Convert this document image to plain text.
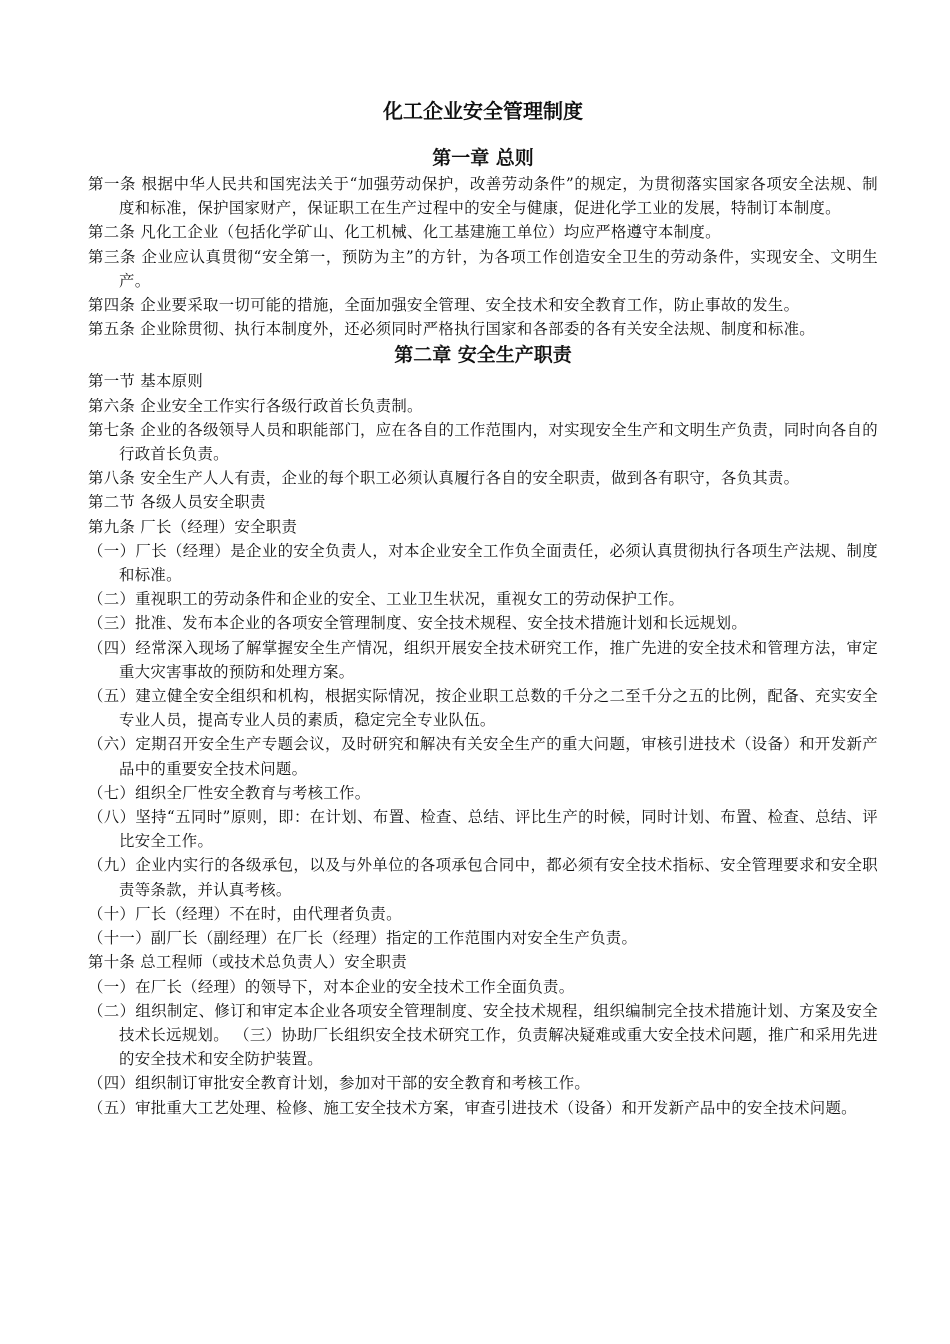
化工企业安全管理制度
第一章 总则

第一条 根据中华人民共和国宪法关于“加强劳动保护，改善劳动条件”的规定，为贯彻落实国家各项安全法规、制度和标准，保护国家财产，保证职工在生产过程中的安全与健康，促进化学工业的发展，特制订本制度。

第二条 凡化工企业（包括化学矿山、化工机械、化工基建施工单位）均应严格遵守本制度。

第三条 企业应认真贯彻“安全第一，预防为主”的方针，为各项工作创造安全卫生的劳动条件，实现安全、文明生产。

第四条 企业要采取一切可能的措施，全面加强安全管理、安全技术和安全教育工作，防止事故的发生。

第五条 企业除贯彻、执行本制度外，还必须同时严格执行国家和各部委的各有关安全法规、制度和标准。

第二章 安全生产职责

第一节 基本原则

第六条 企业安全工作实行各级行政首长负责制。

第七条 企业的各级领导人员和职能部门，应在各自的工作范围内，对实现安全生产和文明生产负责，同时向各自的行政首长负责。

第八条 安全生产人人有责，企业的每个职工必须认真履行各自的安全职责，做到各有职守，各负其责。

第二节 各级人员安全职责

第九条 厂长（经理）安全职责

（一）厂长（经理）是企业的安全负责人，对本企业安全工作负全面责任，必须认真贯彻执行各项生产法规、制度和标准。

（二）重视职工的劳动条件和企业的安全、工业卫生状况，重视女工的劳动保护工作。

（三）批准、发布本企业的各项安全管理制度、安全技术规程、安全技术措施计划和长远规划。

（四）经常深入现场了解掌握安全生产情况，组织开展安全技术研究工作，推广先进的安全技术和管理方法，审定重大灾害事故的预防和处理方案。

（五）建立健全安全组织和机构，根据实际情况，按企业职工总数的千分之二至千分之五的比例，配备、充实安全专业人员，提高专业人员的素质，稳定完全专业队伍。

（六）定期召开安全生产专题会议，及时研究和解决有关安全生产的重大问题，审核引进技术（设备）和开发新产品中的重要安全技术问题。

（七）组织全厂性安全教育与考核工作。

（八）坚持“五同时”原则，即：在计划、布置、检查、总结、评比生产的时候，同时计划、布置、检查、总结、评比安全工作。

（九）企业内实行的各级承包，以及与外单位的各项承包合同中，都必须有安全技术指标、安全管理要求和安全职责等条款，并认真考核。

（十）厂长（经理）不在时，由代理者负责。

（十一）副厂长（副经理）在厂长（经理）指定的工作范围内对安全生产负责。

第十条 总工程师（或技术总负责人）安全职责

（一）在厂长（经理）的领导下，对本企业的安全技术工作全面负责。

（二）组织制定、修订和审定本企业各项安全管理制度、安全技术规程，组织编制完全技术措施计划、方案及安全技术长远规划。 （三）协助厂长组织安全技术研究工作，负责解决疑难或重大安全技术问题，推广和采用先进的安全技术和安全防护装置。

（四）组织制订审批安全教育计划，参加对干部的安全教育和考核工作。

（五）审批重大工艺处理、检修、施工安全技术方案，审查引进技术（设备）和开发新产品中的安全技术问题。
